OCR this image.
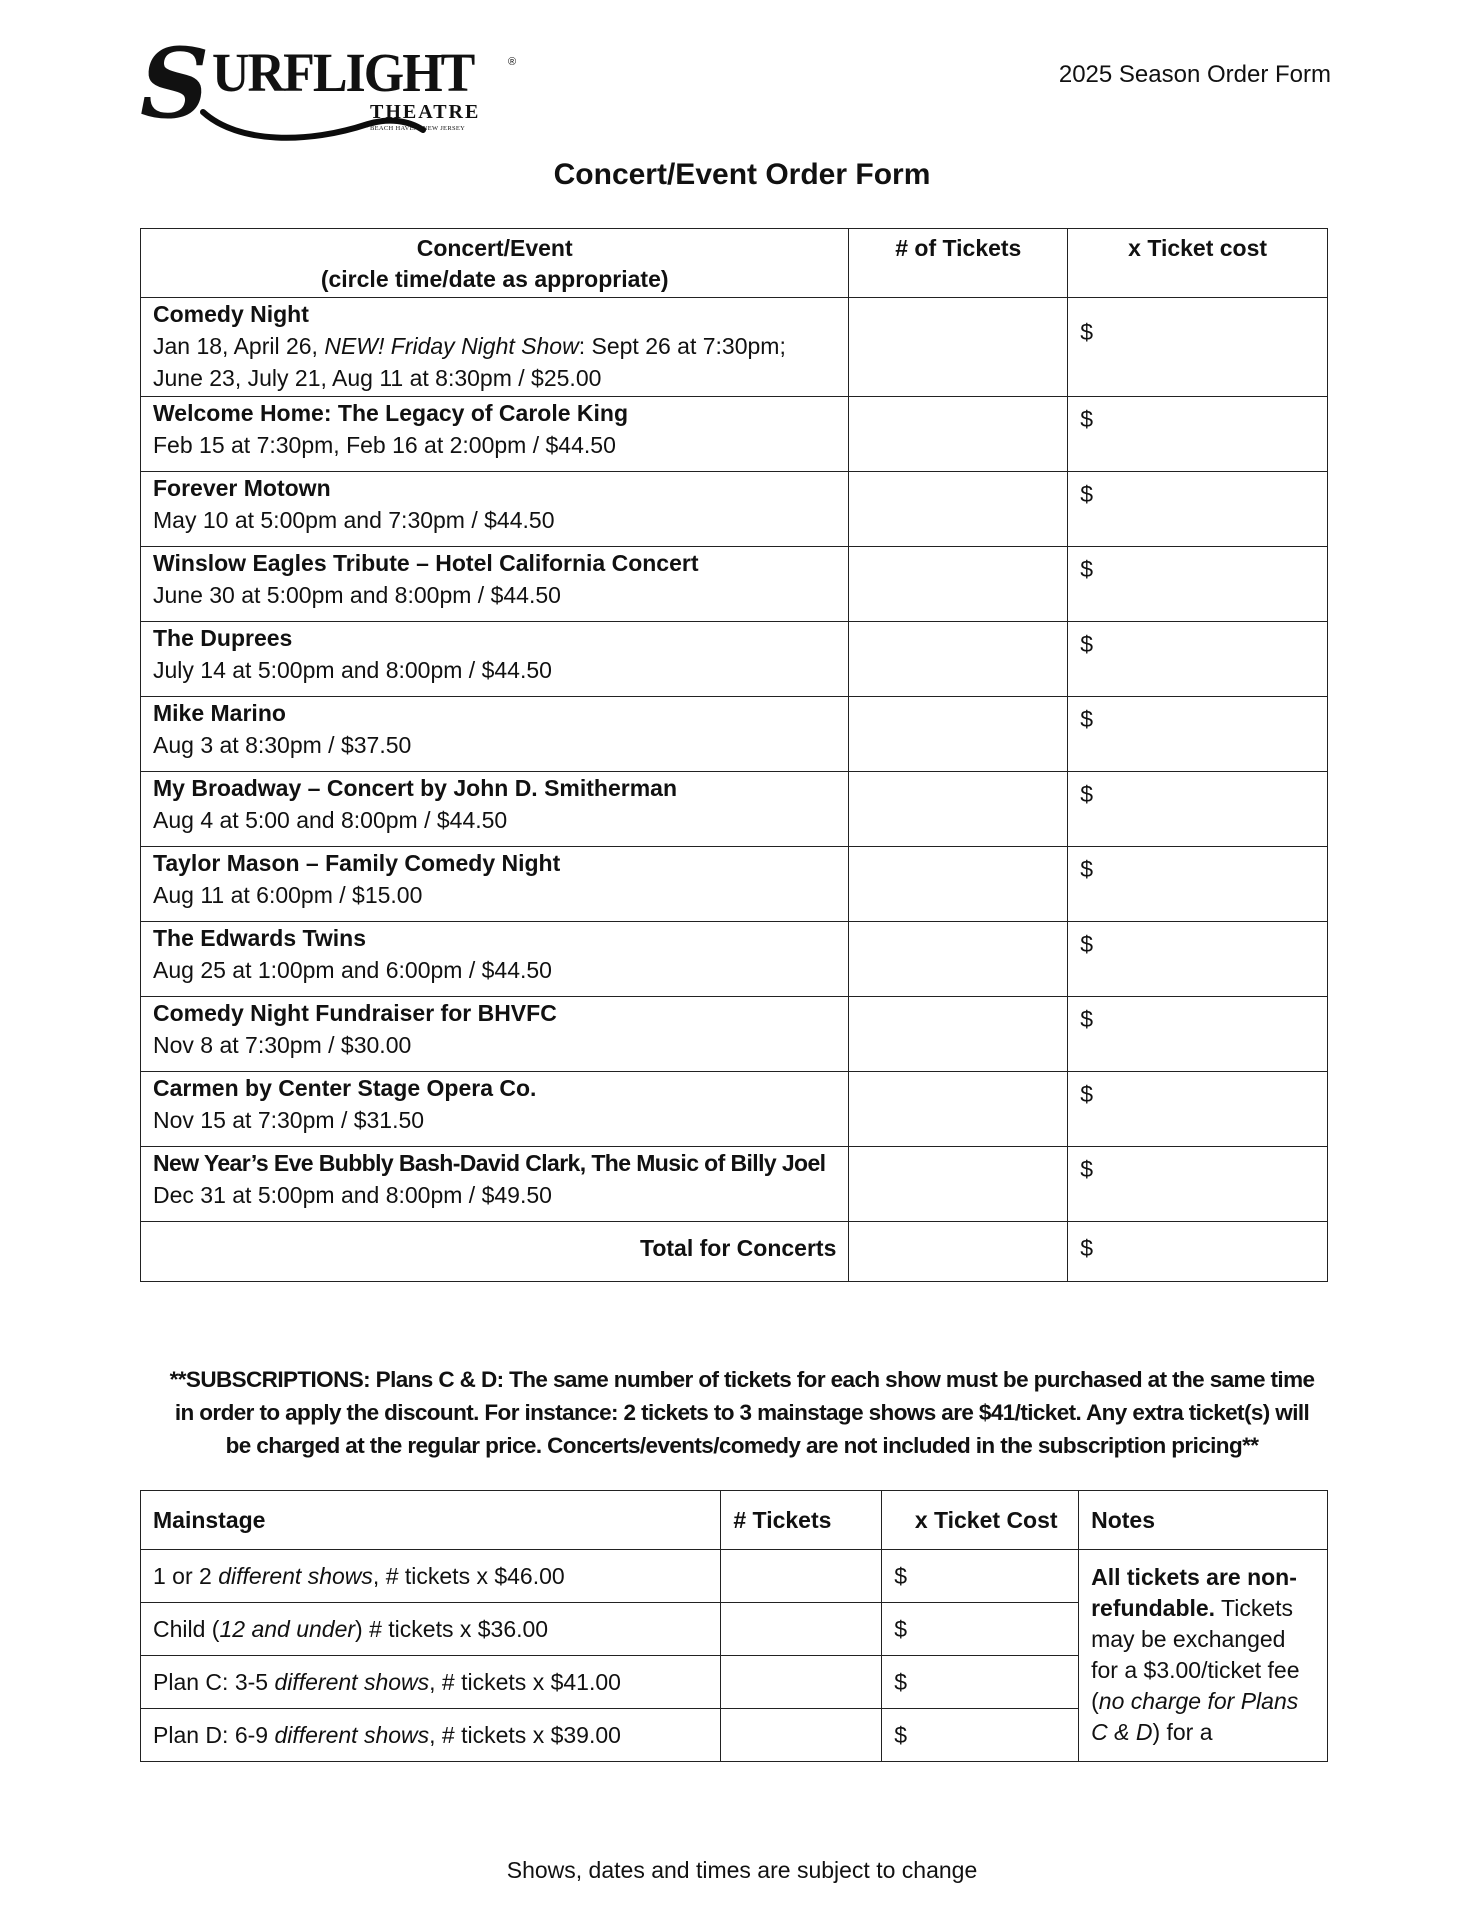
S URFLIGHT	®
THEATRE
BEACH HAVEN, NEW JERSEY
2025 Season Order Form
Concert/Event Order Form
Concert/Event
(circle time/date as appropriate)	# of Tickets	x Ticket cost

Comedy Night
Jan 18, April 26, NEW! Friday Night Show: Sept 26 at 7:30pm;
June 23, July 21, Aug 11 at 8:30pm / $25.00		$

Welcome Home: The Legacy of Carole King
Feb 15 at 7:30pm, Feb 16 at 2:00pm / $44.50		$

Forever Motown
May 10 at 5:00pm and 7:30pm / $44.50		$

Winslow Eagles Tribute – Hotel California Concert
June 30 at 5:00pm and 8:00pm / $44.50		$

The Duprees
July 14 at 5:00pm and 8:00pm / $44.50		$

Mike Marino
Aug 3 at 8:30pm / $37.50		$

My Broadway – Concert by John D. Smitherman
Aug 4 at 5:00 and 8:00pm / $44.50		$

Taylor Mason – Family Comedy Night
Aug 11 at 6:00pm / $15.00		$

The Edwards Twins
Aug 25 at 1:00pm and 6:00pm / $44.50		$

Comedy Night Fundraiser for BHVFC
Nov 8 at 7:30pm / $30.00		$

Carmen by Center Stage Opera Co.
Nov 15 at 7:30pm / $31.50		$

New Year’s Eve Bubbly Bash-David Clark, The Music of Billy Joel
Dec 31 at 5:00pm and 8:00pm / $49.50		$
Total for Concerts		$
**SUBSCRIPTIONS: Plans C & D: The same number of tickets for each show must be purchased at the same time in order to apply the discount. For instance: 2 tickets to 3 mainstage shows are $41/ticket. Any extra ticket(s) will be charged at the regular price. Concerts/events/comedy are not included in the subscription pricing**
Mainstage	# Tickets	x Ticket Cost	Notes
1 or 2 different shows, # tickets x $46.00		$	All tickets are non-refundable. Tickets may be exchanged for a $3.00/ticket fee (no charge for Plans C & D) for a
Child (12 and under) # tickets x $36.00		$	
Plan C: 3-5 different shows, # tickets x $41.00		$	
Plan D: 6-9 different shows, # tickets x $39.00		$	
Shows, dates and times are subject to change
